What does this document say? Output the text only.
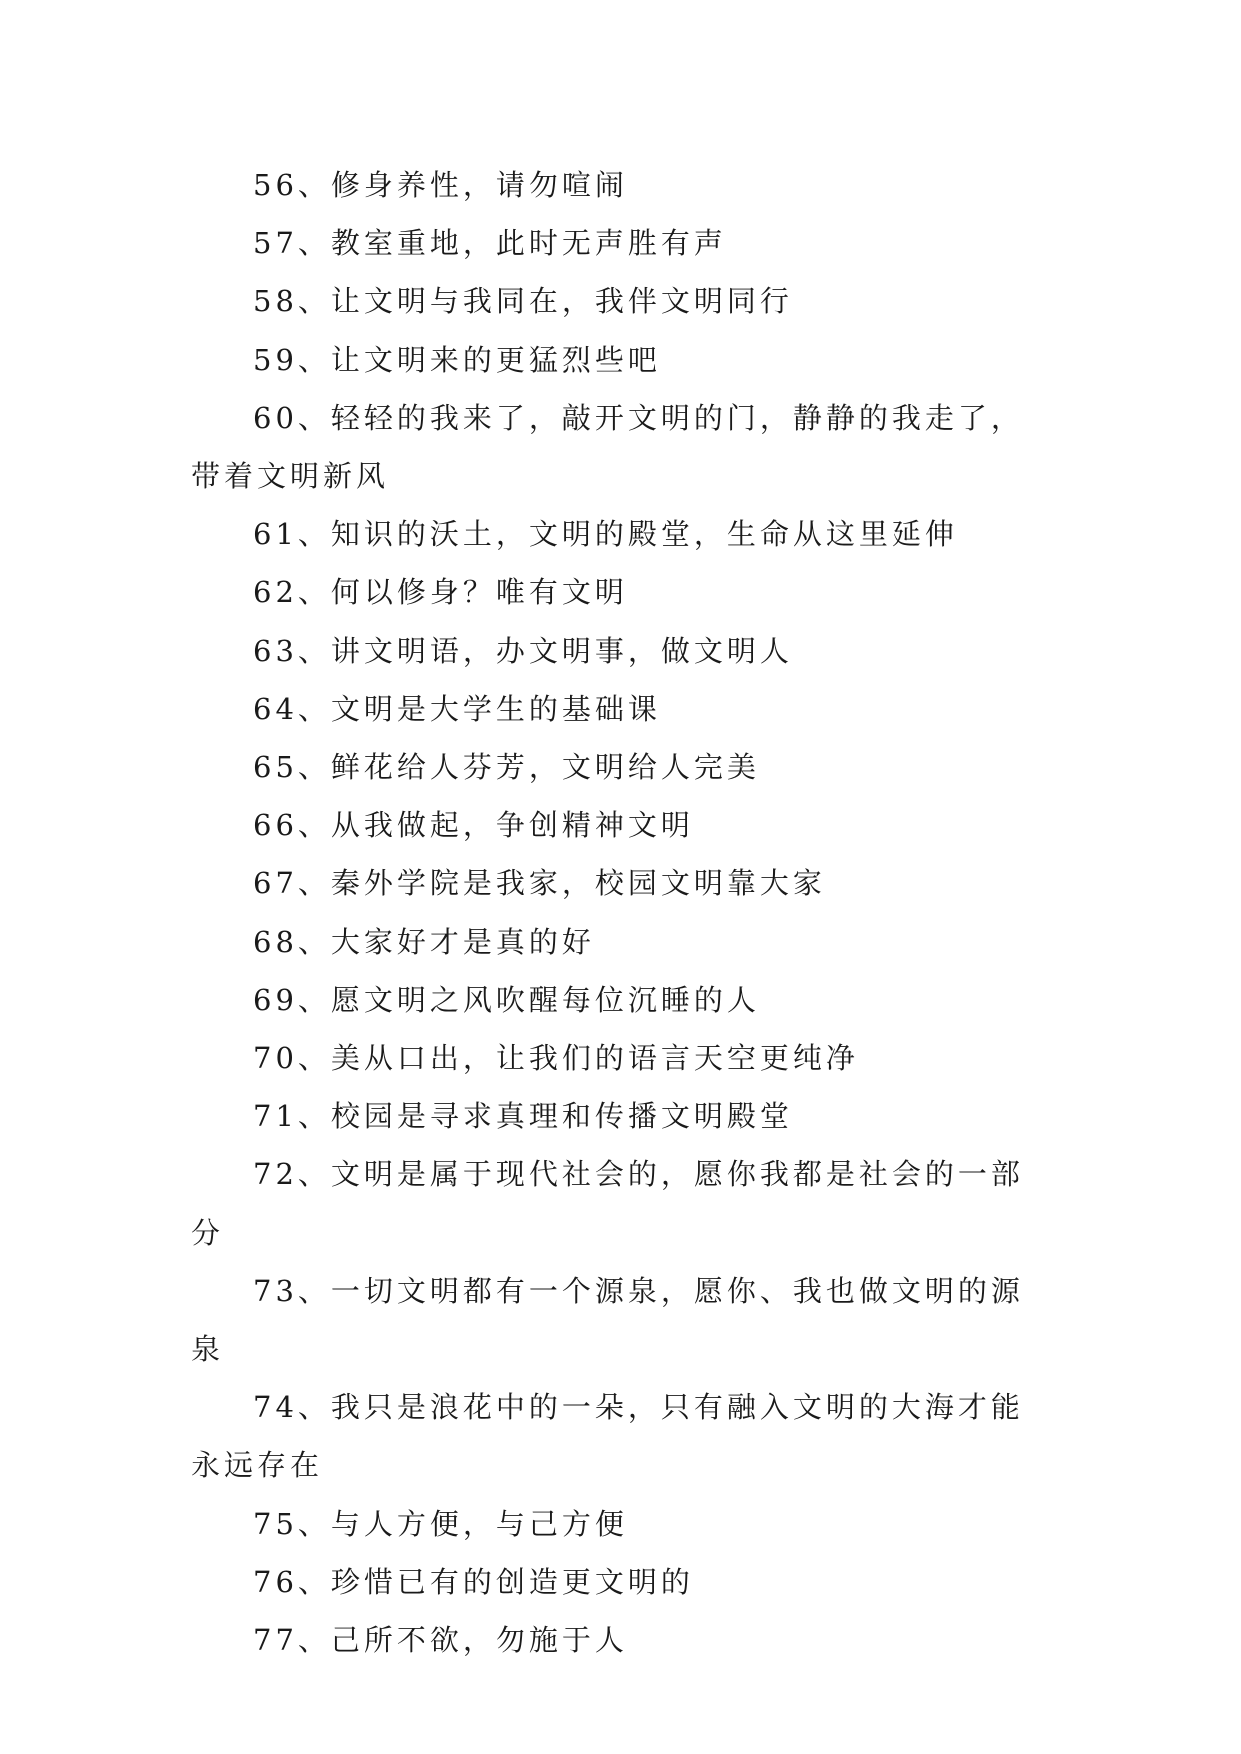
56、修身养性，请勿喧闹

57、教室重地，此时无声胜有声

58、让文明与我同在，我伴文明同行

59、让文明来的更猛烈些吧

60、轻轻的我来了，敲开文明的门，静静的我走了，带着文明新风

61、知识的沃土，文明的殿堂，生命从这里延伸

62、何以修身？唯有文明

63、讲文明语，办文明事，做文明人

64、文明是大学生的基础课

65、鲜花给人芬芳，文明给人完美

66、从我做起，争创精神文明

67、秦外学院是我家，校园文明靠大家

68、大家好才是真的好

69、愿文明之风吹醒每位沉睡的人

70、美从口出，让我们的语言天空更纯净

71、校园是寻求真理和传播文明殿堂

72、文明是属于现代社会的，愿你我都是社会的一部分

73、一切文明都有一个源泉，愿你、我也做文明的源泉

74、我只是浪花中的一朵，只有融入文明的大海才能永远存在

75、与人方便，与己方便

76、珍惜已有的创造更文明的

77、己所不欲，勿施于人
